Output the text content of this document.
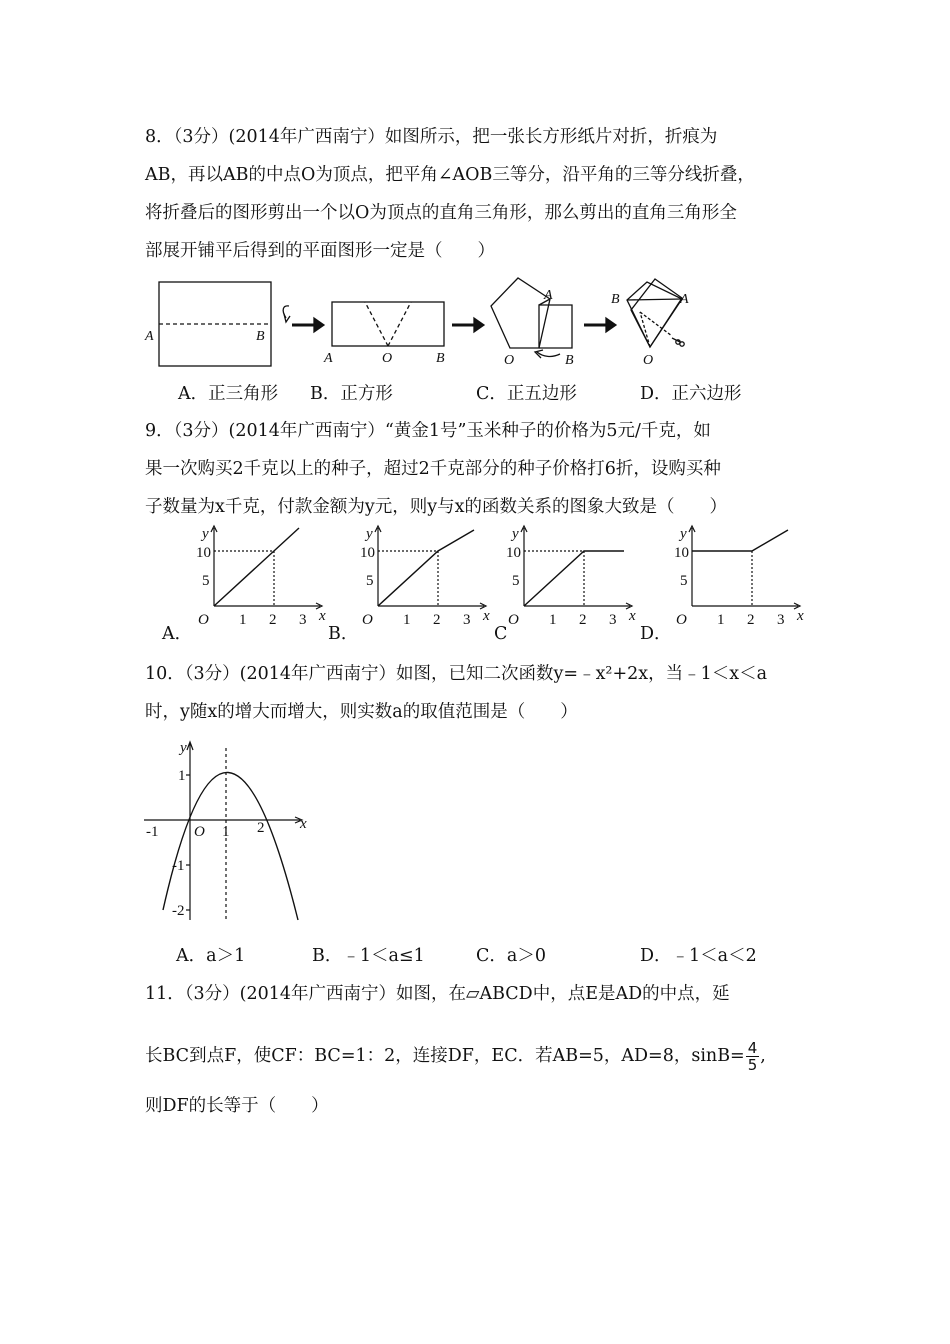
8．（3分）(2014年广西南宁）如图所示，把一张长方形纸片对折，折痕为
AB，再以AB的中点O为顶点，把平角∠AOB三等分，沿平角的三等分线折叠，
将折叠后的图形剪出一个以O为顶点的直角三角形，那么剪出的直角三角形全
部展开铺平后得到的平面图形一定是（　　）
A	B
A	O	B
A
O	B
B	A
O
A．正三角形 B．正方形	C．正五边形	D．正六边形
9．（3分）(2014年广西南宁）“黄金1号”玉米种子的价格为5元/千克，如
果一次购买2千克以上的种子，超过2千克部分的种子价格打6折，设购买种
子数量为x千克，付款金额为y元，则y与x的函数关系的图象大致是（　　）
y
x
O
10
5
1 2 3
y
x
O
10
5
1 2 3
y
x
O
10
5
1 2 3
y
x
O
10
5
1 2 3
A．	B．	C	D．
10．（3分）(2014年广西南宁）如图，已知二次函数y=﹣x²+2x，当﹣1＜x＜a
时，y随x的增大而增大，则实数a的取值范围是（　　）
y
x
O
-1	1 2
1
-1
-2
A．a＞1	B．﹣1＜a≤1	C．a＞0	D．﹣1＜a＜2
11．（3分）(2014年广西南宁）如图，在▱ABCD中，点E是AD的中点，延
长BC到点F，使CF：BC=1：2，连接DF，EC．若AB=5，AD=8，$\sin B= \frac{4}{5}$ ,
则DF的长等于（　　）
